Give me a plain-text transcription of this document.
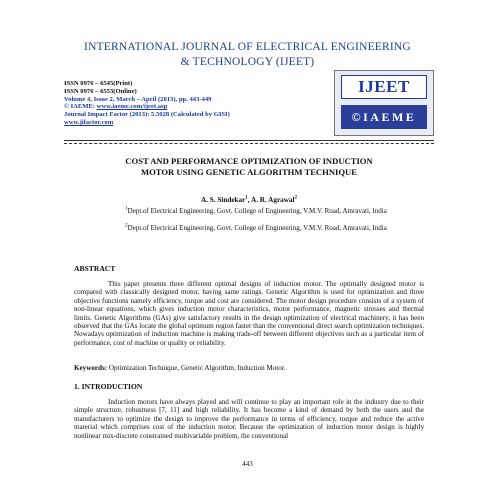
INTERNATIONAL JOURNAL OF ELECTRICAL ENGINEERING
& TECHNOLOGY (IJEET)
ISSN 0976 – 6545(Print)
ISSN 0976 – 6553(Online)
Volume 4, Issue 2, March – April (2013), pp. 443-449
© IAEME: www.iaeme.com/ijeet.asp
Journal Impact Factor (2013): 5.5028 (Calculated by GISI)
www.jifactor.com
IJEET
©IAEME
COST AND PERFORMANCE OPTIMIZATION OF INDUCTION
MOTOR USING GENETIC ALGORITHM TECHNIQUE
A. S. Sindekar$^1$, A. R. Agrawal$^2$
$^1$Dept.of Electrical Engineering, Govt. College of Engineering, V.M.V. Road, Amravati, India
$^2$Dept.of Electrical Engineering, Govt. College of Engineering, V.M.V. Road, Amravati, India
ABSTRACT
This paper presents three different optimal designs of induction motor. The optimally designed motor is compared with classically designed motor, having same ratings. Genetic Algorithm is used for optimization and three objective functions namely efficiency, torque and cost are considered. The motor design procedure consists of a system of non-linear equations, which gives induction motor characteristics, motor performance, magnetic stresses and thermal limits. Genetic Algorithms (GAs) give satisfactory results in the design optimization of electrical machinery, it has been observed that the GAs locate the global optimum region faster than the conventional direct search optimization techniques. Nowadays optimization of induction machine is making trade-off between different objectives such as a particular item of performance, cost of machine or quality or reliability.
Keywords: Optimization Technique, Genetic Algorithm, Induction Motor.
1. INTRODUCTION
Induction motors have always played and will continue to play an important role in the industry due to their simple structure, robustness [7, 11] and high reliability. It has become a kind of demand by both the users and the manufacturers to optimize the design to improve the performance in terms of efficiency, torque and reduce the active material which comprises cost of the induction motor. Because the optimization of induction motor design is highly nonlinear mix-discrete constrained multivariable problem, the conventional
443
